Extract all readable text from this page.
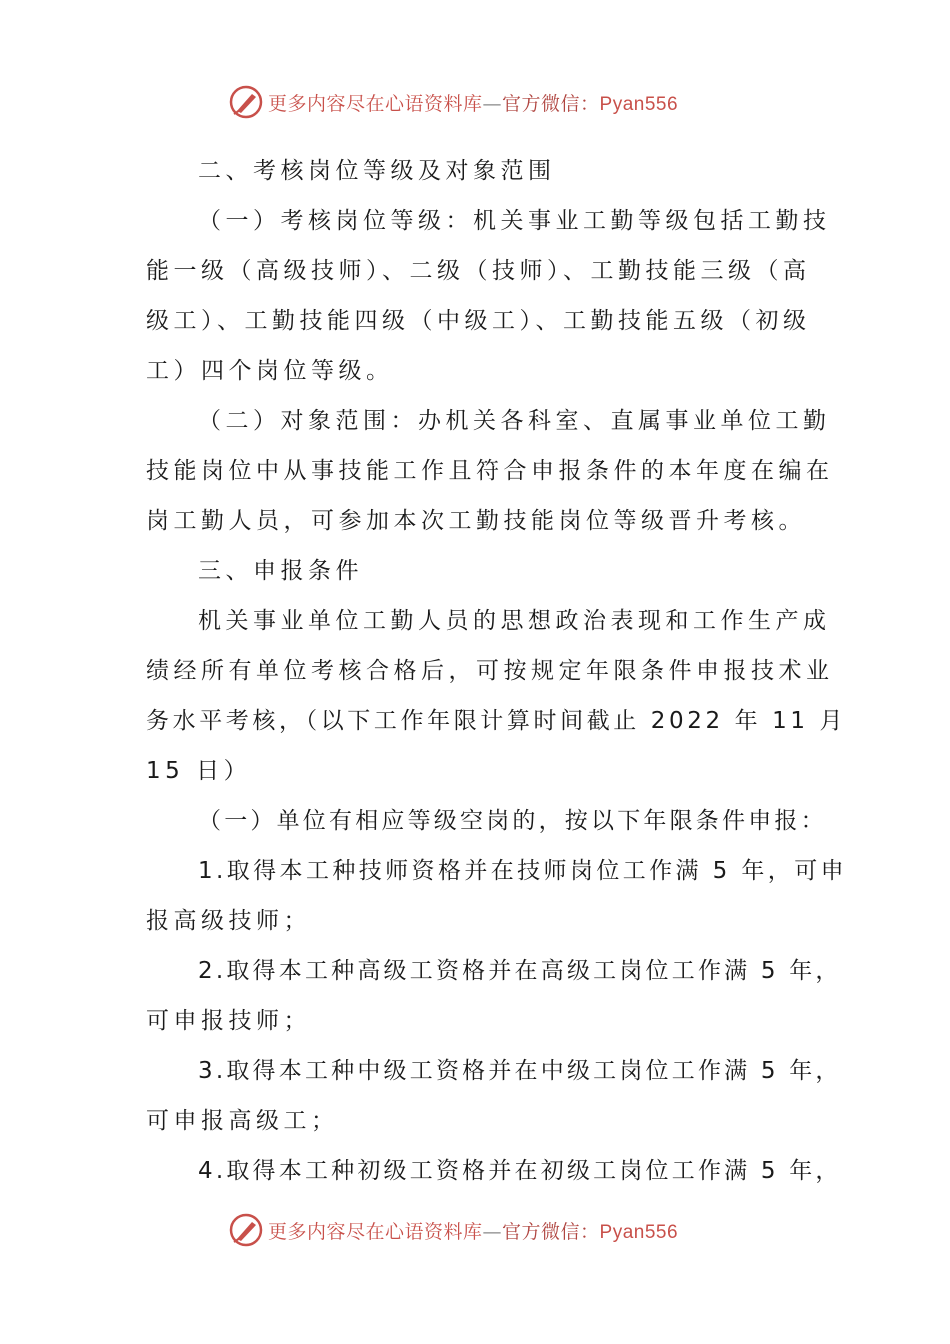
更多内容尽在心语资料库—官方微信：Pyan556
二、考核岗位等级及对象范围
（一）考核岗位等级：机关事业工勤等级包括工勤技
能一级（高级技师）、二级（技师）、工勤技能三级（高
级工）、工勤技能四级（中级工）、工勤技能五级（初级
工）四个岗位等级。
（二）对象范围：办机关各科室、直属事业单位工勤
技能岗位中从事技能工作且符合申报条件的本年度在编在
岗工勤人员，可参加本次工勤技能岗位等级晋升考核。
三、申报条件
机关事业单位工勤人员的思想政治表现和工作生产成
绩经所有单位考核合格后，可按规定年限条件申报技术业
务水平考核，（以下工作年限计算时间截止 2022 年 11 月
15 日）
（一）单位有相应等级空岗的，按以下年限条件申报：
1.取得本工种技师资格并在技师岗位工作满 5 年，可申
报高级技师；
2.取得本工种高级工资格并在高级工岗位工作满 5 年，
可申报技师；
3.取得本工种中级工资格并在中级工岗位工作满 5 年，
可申报高级工；
4.取得本工种初级工资格并在初级工岗位工作满 5 年，
更多内容尽在心语资料库—官方微信：Pyan556
